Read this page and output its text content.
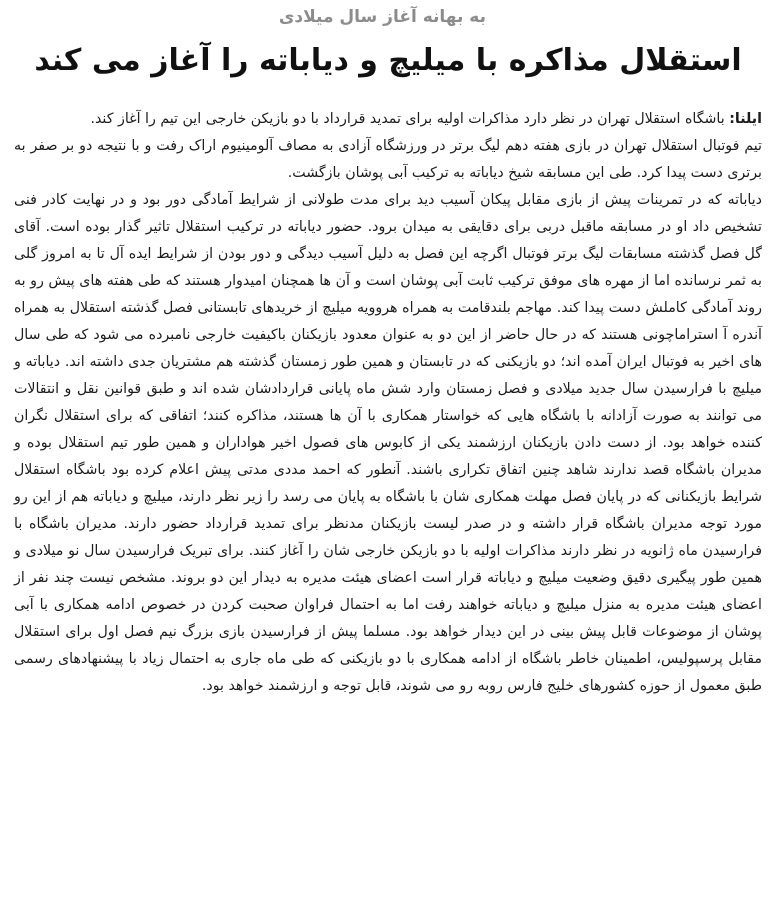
به بهانه آغاز سال میلادی
استقلال مذاکره با میلیچ و دیاباته را آغاز می کند

ایلنا: باشگاه استقلال تهران در نظر دارد مذاکرات اولیه برای تمدید قرارداد با دو بازیکن خارجی این تیم را آغاز کند.

تیم فوتبال استقلال تهران در بازی هفته دهم لیگ برتر در ورزشگاه آزادی به مصاف آلومینیوم اراک رفت و با نتیجه دو بر صفر به برتری دست پیدا کرد. طی این مسابقه شیخ دیاباته به ترکیب آبی پوشان بازگشت.

دیاباته که در تمرینات پیش از بازی مقابل پیکان آسیب دید برای مدت طولانی از شرایط آمادگی دور بود و در نهایت کادر فنی تشخیص داد او در مسابقه ماقبل دربی برای دقایقی به میدان برود. حضور دیاباته در ترکیب استقلال تاثیر گذار بوده است. آقای گل فصل گذشته مسابقات لیگ برتر فوتبال اگرچه این فصل به دلیل آسیب دیدگی و دور بودن از شرایط ایده آل تا به امروز گلی به ثمر نرسانده اما از مهره های موفق ترکیب ثابت آبی پوشان است و آن ها همچنان امیدوار هستند که طی هفته های پیش رو به روند آمادگی کاملش دست پیدا کند. مهاجم بلندقامت به همراه هروویه میلیچ از خریدهای تابستانی فصل گذشته استقلال به همراه آندره آ استراماچونی هستند که در حال حاضر از این دو به عنوان معدود بازیکنان باکیفیت خارجی نامبرده می شود که طی سال های اخیر به فوتبال ایران آمده اند؛ دو بازیکنی که در تابستان و همین طور زمستان گذشته هم مشتریان جدی داشته اند. دیاباته و میلیچ با فرارسیدن سال جدید میلادی و فصل زمستان وارد شش ماه پایانی قراردادشان شده اند و طبق قوانین نقل و انتقالات می توانند به صورت آزادانه با باشگاه هایی که خواستار همکاری با آن ها هستند، مذاکره کنند؛ اتفاقی که برای استقلال نگران کننده خواهد بود. از دست دادن بازیکنان ارزشمند یکی از کابوس های فصول اخیر هواداران و همین طور تیم استقلال بوده و مدیران باشگاه قصد ندارند شاهد چنین اتفاق تکراری باشند. آنطور که احمد مددی مدتی پیش اعلام کرده بود باشگاه استقلال شرایط بازیکنانی که در پایان فصل مهلت همکاری شان با باشگاه به پایان می رسد را زیر نظر دارند، میلیچ و دیاباته هم از این رو مورد توجه مدیران باشگاه قرار داشته و در صدر لیست بازیکنان مدنظر برای تمدید قرارداد حضور دارند. مدیران باشگاه با فرارسیدن ماه ژانویه در نظر دارند مذاکرات اولیه با دو بازیکن خارجی شان را آغاز کنند. برای تبریک فرارسیدن سال نو میلادی و همین طور پیگیری دقیق وضعیت میلیچ و دیاباته قرار است اعضای هیئت مدیره به دیدار این دو بروند. مشخص نیست چند نفر از اعضای هیئت مدیره به منزل میلیچ و دیاباته خواهند رفت اما به احتمال فراوان صحبت کردن در خصوص ادامه همکاری با آبی پوشان از موضوعات قابل پیش بینی در این دیدار خواهد بود. مسلما پیش از فرارسیدن بازی بزرگ نیم فصل اول برای استقلال مقابل پرسپولیس، اطمینان خاطر باشگاه از ادامه همکاری با دو بازیکنی که طی ماه جاری به احتمال زیاد با پیشنهادهای رسمی طبق معمول از حوزه کشورهای خلیج فارس روبه رو می شوند، قابل توجه و ارزشمند خواهد بود.
